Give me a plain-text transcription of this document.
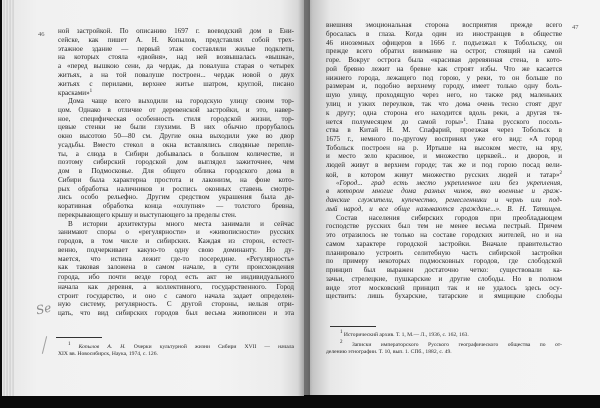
46 ной застройкой. По описанию 1697 г. воеводский дом в Ени-
сейске, как пишет А. Н. Копылов, представлял собой трех-
этажное здание — первый этаж составляли жилые подклети,
на которых стояла «двойня», над ней возвышалась «вышка»,
а «перед вышкою сени, да чердак, да повалуша старая о четырех
житьях, а на той повалуше построен... чердак новой о двух
житьях с перилами, верхнее житье шатром, круглой, писано
красками»$^1$
Дома чаще всего выходили на городскую улицу своим тор-
цом. Однако в отличие от деревенской застройки, и это, навер-
ное, специфическая особенность стиля городской жизни, тор-
цевые стенки не были глухими. В них обычно прорубалось
окно высотою 50—80 см. Другие окна выходили уже во двор
усадьбы. Вместо стекол в окна вставлялись слюдяные переплe-
ты, а слюда в Сибири добывалась в большом количестве, и
поэтому сибирский городской дом выглядел зажиточнее, чем
дом в Подмосковье. Для общего облика городского дома в
Сибири была характерна простота и лаконизм, на фоне кото-
рых обработка наличников и роспись оконных ставень смотре-
лись особо рельефно. Другим средством украшения была де-
коративная обработка конца «охлупня» — толстого бревна,
перекрывающего крышу и выступающего за пределы стен.
В истории архитектуры много места занимали и сейчас
занимают споры о «регулярности» и «живописности» русских
городов, в том числе и сибирских. Каждая из сторон, естест-
венно, подчеркивает какую-то одну свою доминанту. Но ду-
мается, что истина лежит где-то посередине. «Регулярность»
как таковая заложена в самом начале, в сути происхождения
города, ибо почти везде город есть акт не индивидуального
начала как деревня, а коллективного, государственного. Город
строит государство, и оно с самого начала задает определен-
ную систему, регулярность. С другой стороны, нельзя отри-
цать, что вид сибирских городов был весьма живописен и эта
Se
1 Копылов А. Н. Очерки культурной жизни Сибири XVII — начала
XIX вв. Новосибирск, Наука, 1974, с. 126.
47
внешняя эмоциональная сторона восприятия прежде всего
бросалась в глаза. Когда один из иностранцев в обществе
46 иноземных офицеров в 1666 г. подъезжал к Тобольску, он
прежде всего обратил внимание на острог, стоящий на самой
горе. Вокруг острога была «красивая деревянная стена, в кото-
рой бревно лежит на бревне как строят избы. Что же касается
нижнего города, лежащего под горою, у реки, то он больше по
размерам и, подобно верхнему городу, имеет только одну боль-
шую улицу, проходящую через него, но также ряд маленьких
улиц и узких переулков, так что дома очень тесно стоят друг
к другу; одна сторона его находится вдоль реки, а другая тя-
нется полумесяцем до самой горы»$^1$. Глава русского посоль-
ства в Китай Н. М. Спафарий, проезжая через Тобольск в
1675 г., немного по-другому воспринял уже его вид: «А город
Тобольск построен на р. Иртыше на высоком месте, на яру,
и место зело красивое, и множество церквей... и дворов, и
людей живут в верхнем городе; так же и под горою посад вели-
кой, в котором живут множество русских людей и татар»$^2$
«Город... град есть место укрепленное или без укрепления,
в котором многие дома разных чинов, яко военные и граж-
данские служители, купечество, ремесленники и чернь или под-
лый народ, и все обще называются граждане...». В. Н. Татищев.
Состав населения сибирских городов при преобладающем
господстве русских был тем не менее весьма пестрый. Причем
это отразилось не только на составе городских жителей, но и на
самом характере городской застройки. Вначале правительство
планировало устроить селитебную часть сибирской застройки
по примеру некоторых подмосковных городов, где слободской
принцип был выражен достаточно четко: существовали ка-
зачьи, стрелецкие, пушкарские и другие слободы. Но в полном
виде этот московский принцип так и не удалось здесь осу-
ществить: лишь бухарские, татарские и ямщицкие слободы
1 Исторический архив. Т. 1, М.— Л., 1936, с. 162, 163.
2 Записки императорского Русского географического общества по от-
делению этнографии. Т. 10, вып. 1. СПб., 1882, с. 49.
